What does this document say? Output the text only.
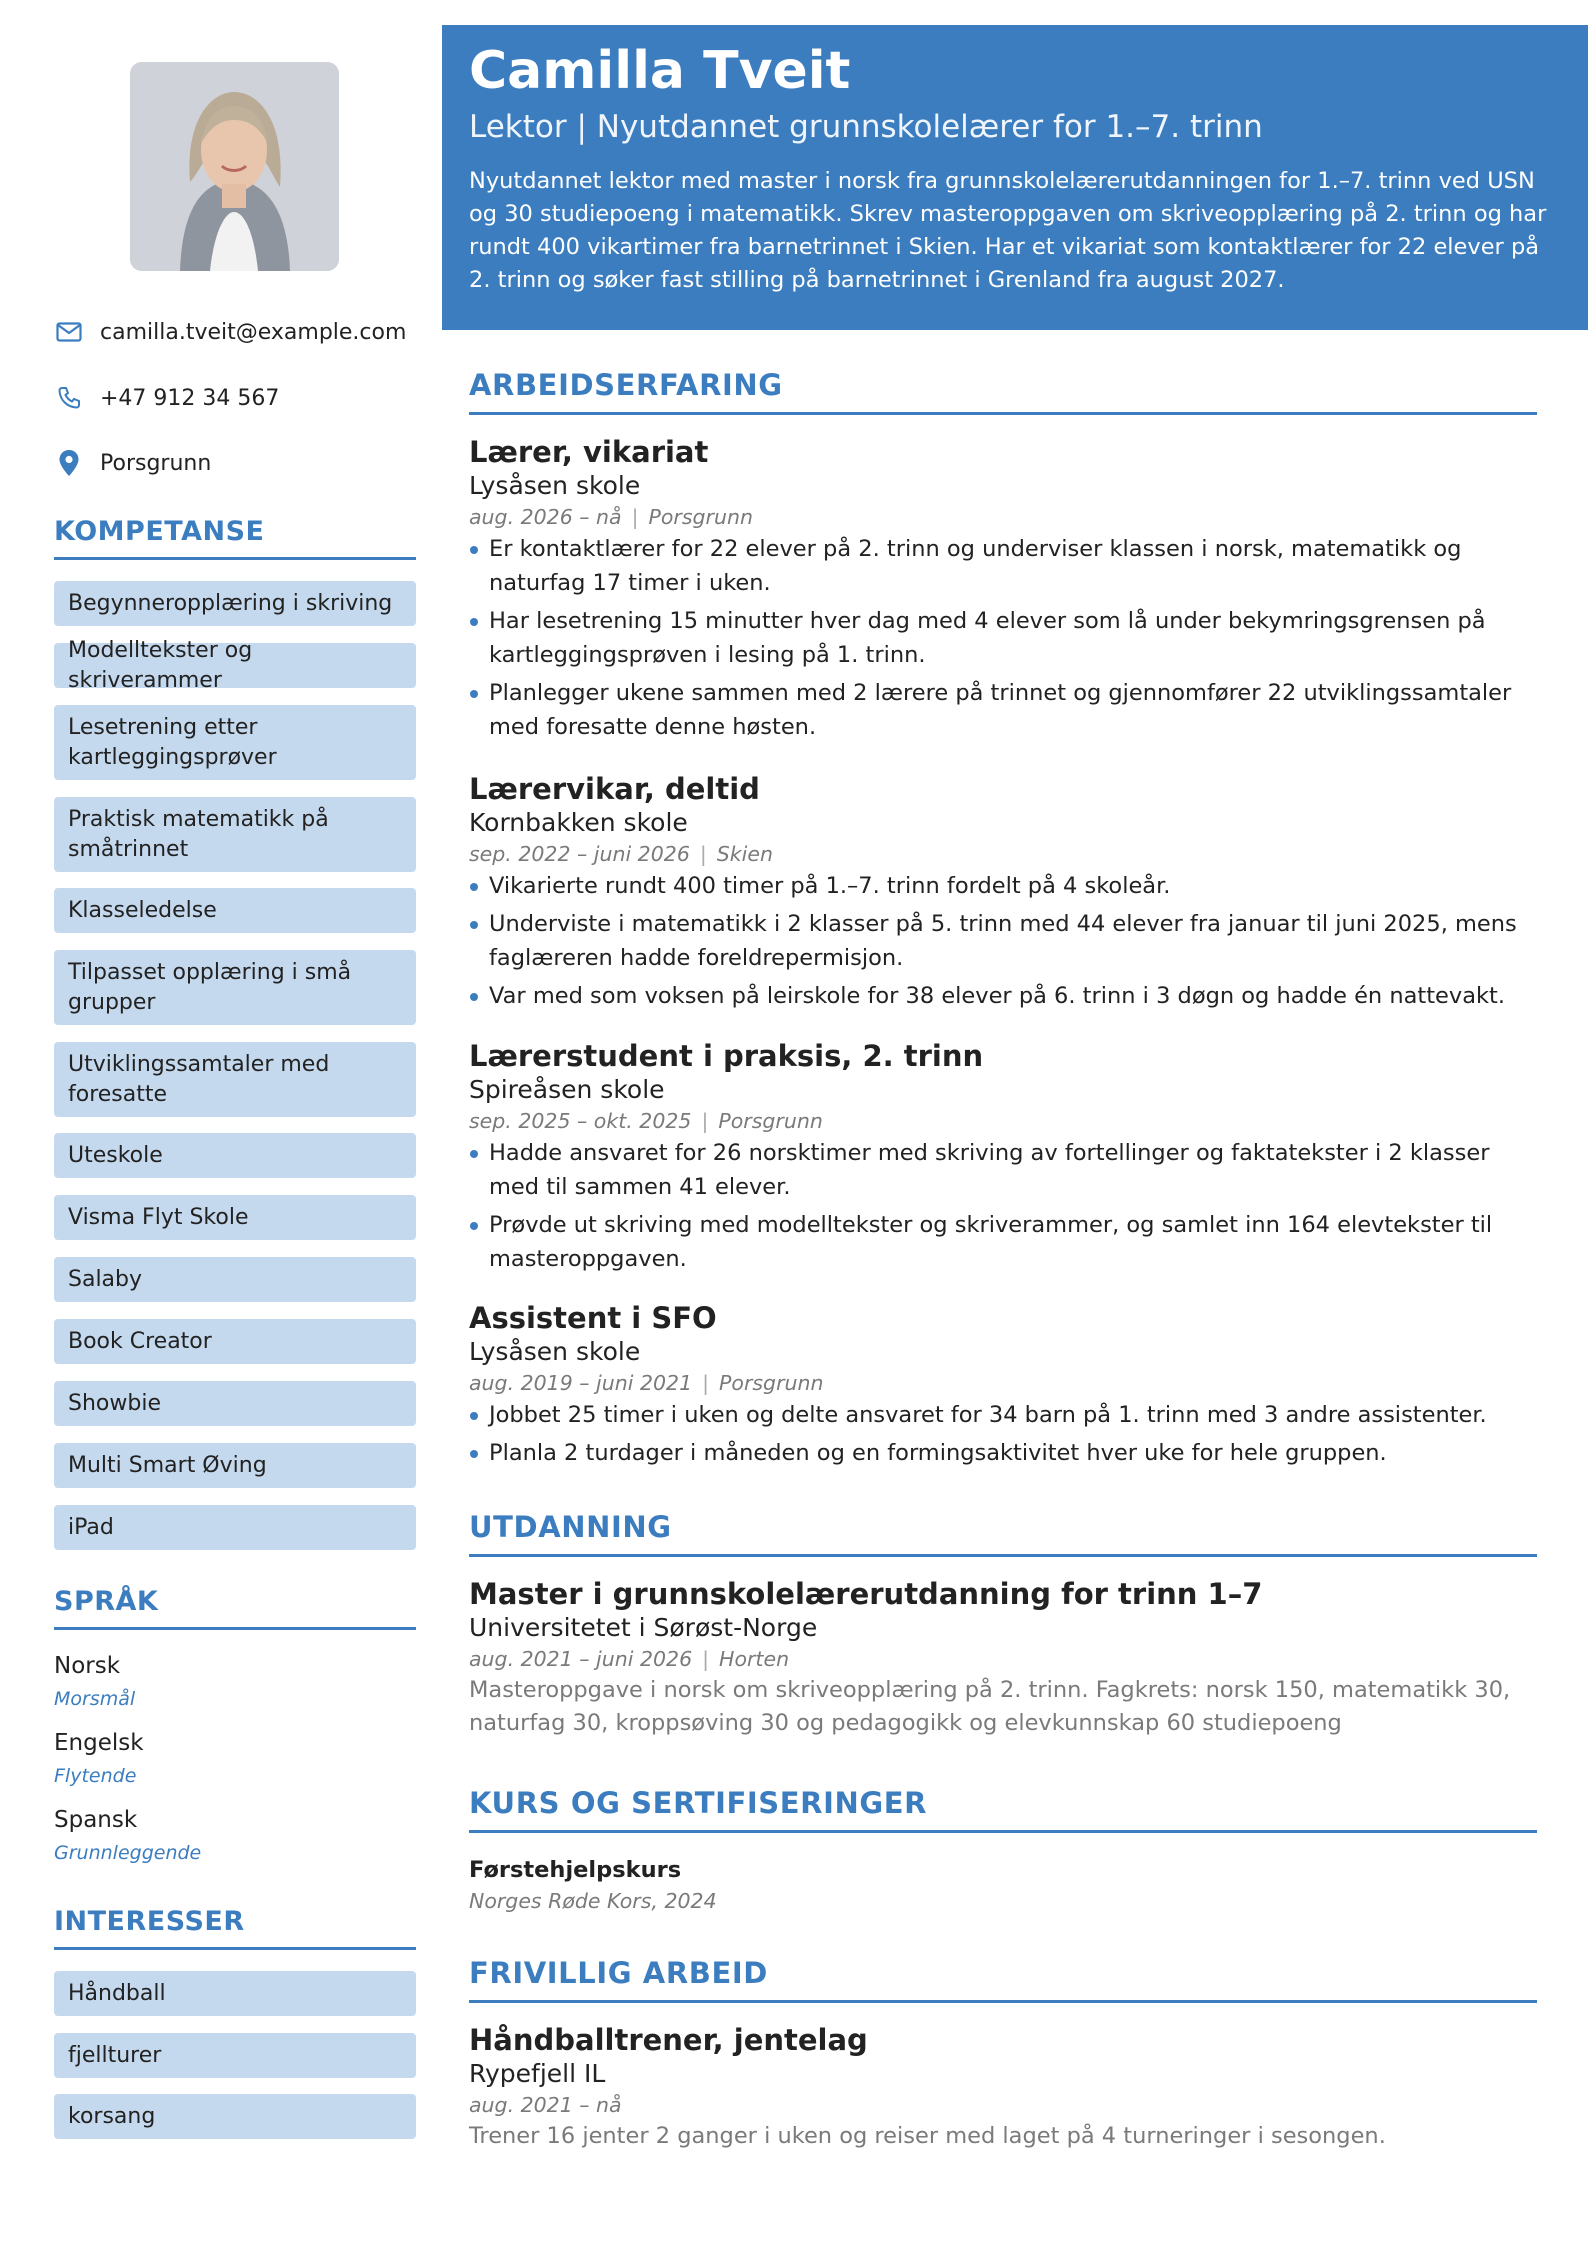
camilla.tveit@example.com
+47 912 34 567
Porsgrunn
KOMPETANSE
Begynneropplæring i skriving
Modelltekster og skriverammer
Lesetrening etter kartleggingsprøver
Praktisk matematikk på småtrinnet
Klasseledelse
Tilpasset opplæring i små grupper
Utviklingssamtaler med foresatte
Uteskole
Visma Flyt Skole
Salaby
Book Creator
Showbie
Multi Smart Øving
iPad
SPRÅK
Norsk
Morsmål
Engelsk
Flytende
Spansk
Grunnleggende
INTERESSER
Håndball
fjellturer
korsang
Camilla Tveit
Lektor | Nyutdannet grunnskolelærer for 1.–7. trinn
Nyutdannet lektor med master i norsk fra grunnskolelærerutdanningen for 1.–7. trinn ved USN og 30 studiepoeng i matematikk. Skrev masteroppgaven om skriveopplæring på 2. trinn og har rundt 400 vikartimer fra barnetrinnet i Skien. Har et vikariat som kontaktlærer for 22 elever på 2. trinn og søker fast stilling på barnetrinnet i Grenland fra august 2027.
ARBEIDSERFARING
Lærer, vikariat
Lysåsen skole
aug. 2026 – nå | Porsgrunn
Er kontaktlærer for 22 elever på 2. trinn og underviser klassen i norsk, matematikk og naturfag 17 timer i uken.
Har lesetrening 15 minutter hver dag med 4 elever som lå under bekymringsgrensen på kartleggingsprøven i lesing på 1. trinn.
Planlegger ukene sammen med 2 lærere på trinnet og gjennomfører 22 utviklingssamtaler med foresatte denne høsten.
Lærervikar, deltid
Kornbakken skole
sep. 2022 – juni 2026 | Skien
Vikarierte rundt 400 timer på 1.–7. trinn fordelt på 4 skoleår.
Underviste i matematikk i 2 klasser på 5. trinn med 44 elever fra januar til juni 2025, mens faglæreren hadde foreldrepermisjon.
Var med som voksen på leirskole for 38 elever på 6. trinn i 3 døgn og hadde én nattevakt.
Lærerstudent i praksis, 2. trinn
Spireåsen skole
sep. 2025 – okt. 2025 | Porsgrunn
Hadde ansvaret for 26 norsktimer med skriving av fortellinger og faktatekster i 2 klasser med til sammen 41 elever.
Prøvde ut skriving med modelltekster og skriverammer, og samlet inn 164 elevtekster til masteroppgaven.
Assistent i SFO
Lysåsen skole
aug. 2019 – juni 2021 | Porsgrunn
Jobbet 25 timer i uken og delte ansvaret for 34 barn på 1. trinn med 3 andre assistenter.
Planla 2 turdager i måneden og en formingsaktivitet hver uke for hele gruppen.
UTDANNING
Master i grunnskolelærerutdanning for trinn 1–7
Universitetet i Sørøst-Norge
aug. 2021 – juni 2026 | Horten
Masteroppgave i norsk om skriveopplæring på 2. trinn. Fagkrets: norsk 150, matematikk 30, naturfag 30, kroppsøving 30 og pedagogikk og elevkunnskap 60 studiepoeng
KURS OG SERTIFISERINGER
Førstehjelpskurs
Norges Røde Kors, 2024
FRIVILLIG ARBEID
Håndballtrener, jentelag
Rypefjell IL
aug. 2021 – nå
Trener 16 jenter 2 ganger i uken og reiser med laget på 4 turneringer i sesongen.
